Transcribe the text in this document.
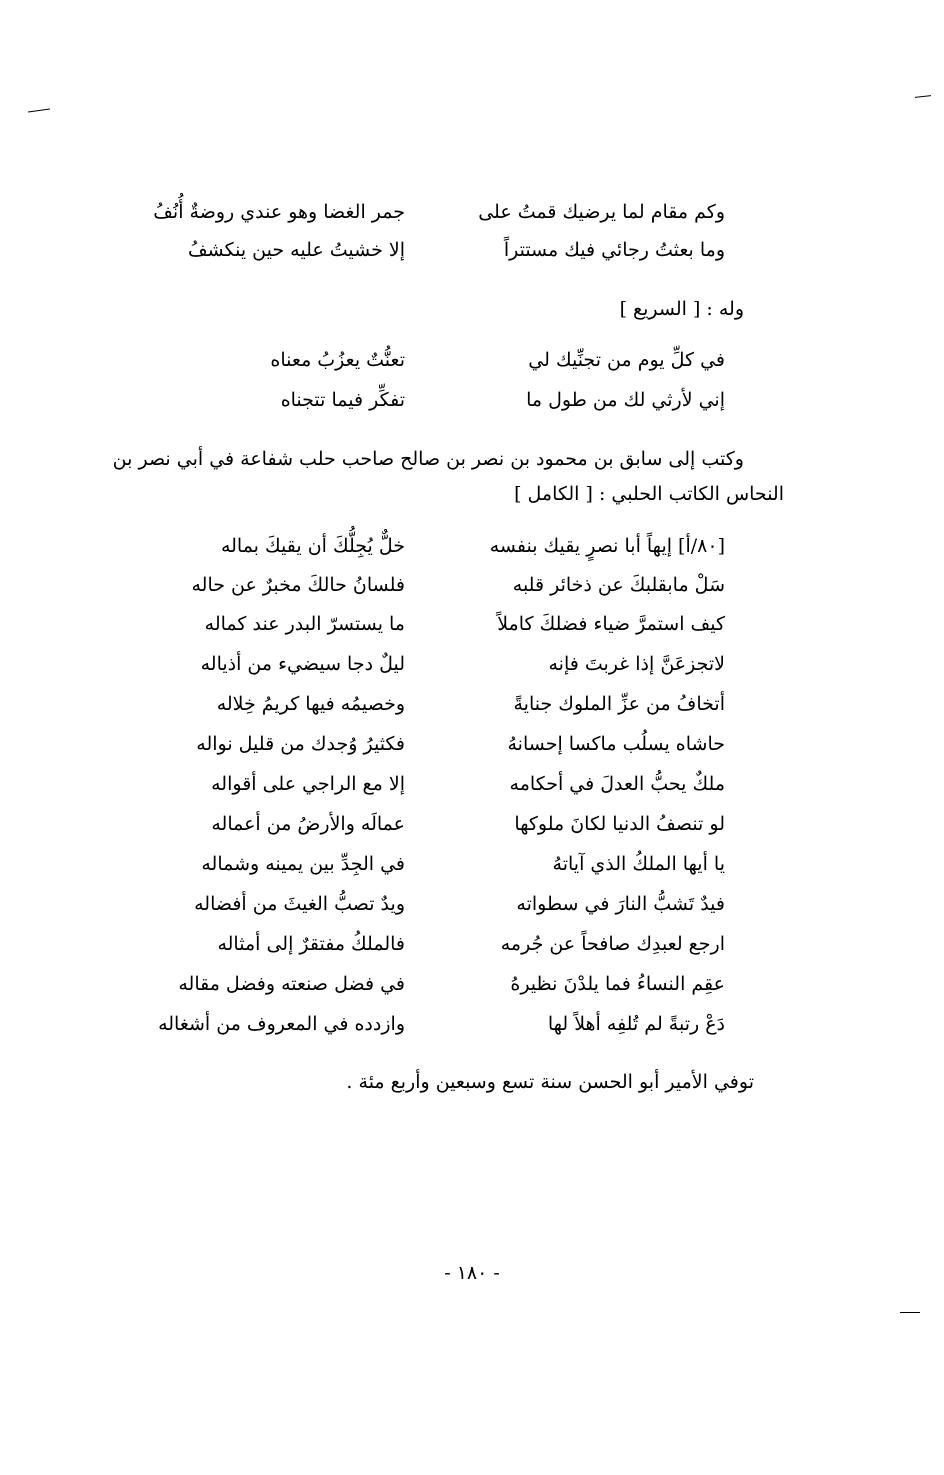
وكم مقام لما يرضيك قمتُ على
جمر الغضا وهو عندي روضةٌ أُنُفُ
وما بعثتُ رجائي فيك مستتراً
إلا خشيتُ عليه حين ينكشفُ
وله : [ السريع ]
في كلِّ يوم من تجنِّيك لي
تعنُّتٌ يعزُبُ معناه
إني لأرثي لك من طول ما
تفكِّر فيما تتجناه
وكتب إلى سابق بن محمود بن نصر بن صالح صاحب حلب شفاعة في أبي نصر بن
النحاس الكاتب الحلبي : [ الكامل ]
[٨٠/أ] إيهاً أبا نصرٍ يقيك بنفسه
خلٌّ يُجِلُّكَ أن يقيكَ بماله
سَلْ مابقلبكَ عن ذخائر قلبه
فلسانُ حالكَ مخبرٌ عن حاله
كيف استمرَّ ضياء فضلكَ كاملاً
ما يستسرّ البدر عند كماله
لاتجزعَنَّ إذا غربتَ فإنه
ليلٌ دجا سيضيء من أذياله
أتخافُ من عزِّ الملوك جنايةً
وخصيمُه فيها كريمُ خِلاله
حاشاه يسلُب ماكسا إحسانهُ
فكثيرُ وُجدك من قليل نواله
ملكٌ يحبُّ العدلَ في أحكامه
إلا مع الراجي على أقواله
لو تنصفُ الدنيا لكانَ ملوكها
عمالَه والأرضُ من أعماله
يا أيها الملكُ الذي آياتهُ
في الجِدِّ بين يمينه وشماله
فيدٌ تَشبُّ النارَ في سطواته
ويدٌ تصبُّ الغيثَ من أفضاله
ارجع لعبدِك صافحاً عن جُرمه
فالملكُ مفتقرٌ إلى أمثاله
عقِم النساءُ فما يلدْنَ نظيرهُ
في فضل صنعته وفضل مقاله
دَعْ رتبةً لم تُلفِه أهلاً لها
وازدده في المعروف من أشغاله
توفي الأمير أبو الحسن سنة تسع وسبعين وأربع مئة .
- ١٨٠ -
